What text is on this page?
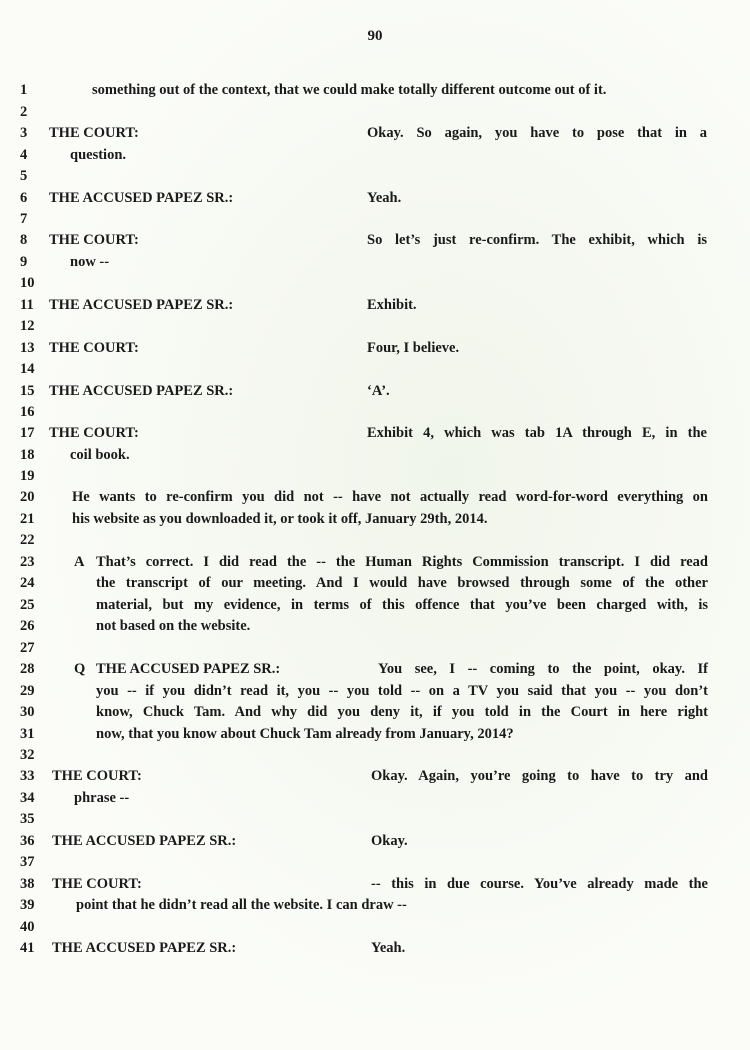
90
1	something out of the context, that we could make totally different outcome out of it.
2
3	THE COURT:	Okay. So again, you have to pose that in a
4	question.
5
6	THE ACCUSED PAPEZ SR.:	Yeah.
7
8	THE COURT:	So let’s just re-confirm. The exhibit, which is
9	now --
10
11	THE ACCUSED PAPEZ SR.:	Exhibit.
12
13	THE COURT:	Four, I believe.
14
15	THE ACCUSED PAPEZ SR.:	‘A’.
16
17	THE COURT:	Exhibit 4, which was tab 1A through E, in the
18	coil book.
19
20	He wants to re-confirm you did not -- have not actually read word-for-word everything on
21	his website as you downloaded it, or took it off, January 29th, 2014.
22
23	A That’s correct. I did read the -- the Human Rights Commission transcript. I did read
24	the transcript of our meeting. And I would have browsed through some of the other
25	material, but my evidence, in terms of this offence that you’ve been charged with, is
26	not based on the website.
27
28	Q THE ACCUSED PAPEZ SR.:	You see, I -- coming to the point, okay. If
29	you -- if you didn’t read it, you -- you told -- on a TV you said that you -- you don’t
30	know, Chuck Tam. And why did you deny it, if you told in the Court in here right
31	now, that you know about Chuck Tam already from January, 2014?
32
33	THE COURT:	Okay. Again, you’re going to have to try and
34	phrase --
35
36	THE ACCUSED PAPEZ SR.:	Okay.
37
38	THE COURT:	-- this in due course. You’ve already made the
39	point that he didn’t read all the website. I can draw --
40
41	THE ACCUSED PAPEZ SR.:	Yeah.
